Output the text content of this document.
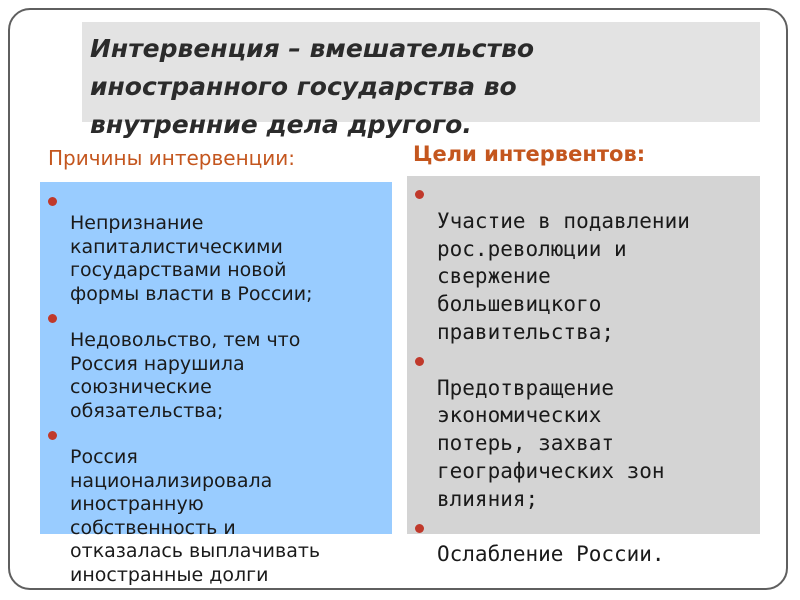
Интервенция – вмешательство
иностранного государства во
внутренние дела другого.

Причины интервенции:	Цели интервентов:

Непризнание
капиталистическими
государствами новой
формы власти в России;

Недовольство, тем что
Россия нарушила
союзнические
обязательства;

Россия
национализировала
иностранную
собственность и
отказалась выплачивать
иностранные долги

Участие в подавлении
рос.революции и
свержение
большевицкого
правительства;

Предотвращение
экономических
потерь, захват
географических зон
влияния;

Ослабление России.
